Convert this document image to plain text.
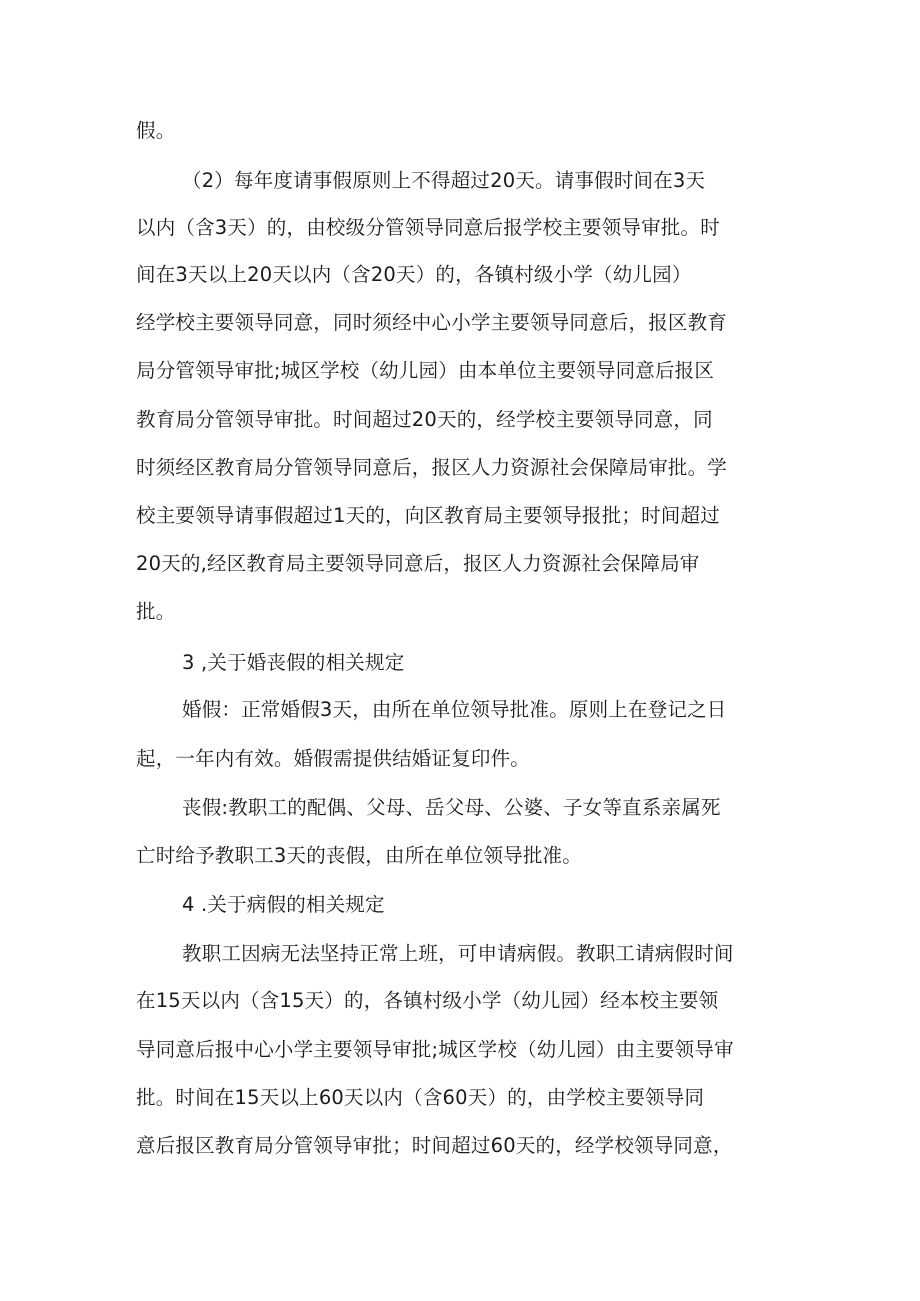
假。
（2）每年度请事假原则上不得超过20天。请事假时间在3天
以内（含3天）的，由校级分管领导同意后报学校主要领导审批。时
间在3天以上20天以内（含20天）的，各镇村级小学（幼儿园）
经学校主要领导同意，同时须经中心小学主要领导同意后，报区教育
局分管领导审批;城区学校（幼儿园）由本单位主要领导同意后报区
教育局分管领导审批。时间超过20天的，经学校主要领导同意，同
时须经区教育局分管领导同意后，报区人力资源社会保障局审批。学
校主要领导请事假超过1天的，向区教育局主要领导报批；时间超过
20天的,经区教育局主要领导同意后，报区人力资源社会保障局审
批。
3 ,关于婚丧假的相关规定
婚假：正常婚假3天，由所在单位领导批准。原则上在登记之日
起，一年内有效。婚假需提供结婚证复印件。
丧假:教职工的配偶、父母、岳父母、公婆、子女等直系亲属死
亡时给予教职工3天的丧假，由所在单位领导批准。
4 .关于病假的相关规定
教职工因病无法坚持正常上班，可申请病假。教职工请病假时间
在15天以内（含15天）的，各镇村级小学（幼儿园）经本校主要领
导同意后报中心小学主要领导审批;城区学校（幼儿园）由主要领导审
批。时间在15天以上60天以内（含60天）的，由学校主要领导同
意后报区教育局分管领导审批；时间超过60天的，经学校领导同意，
